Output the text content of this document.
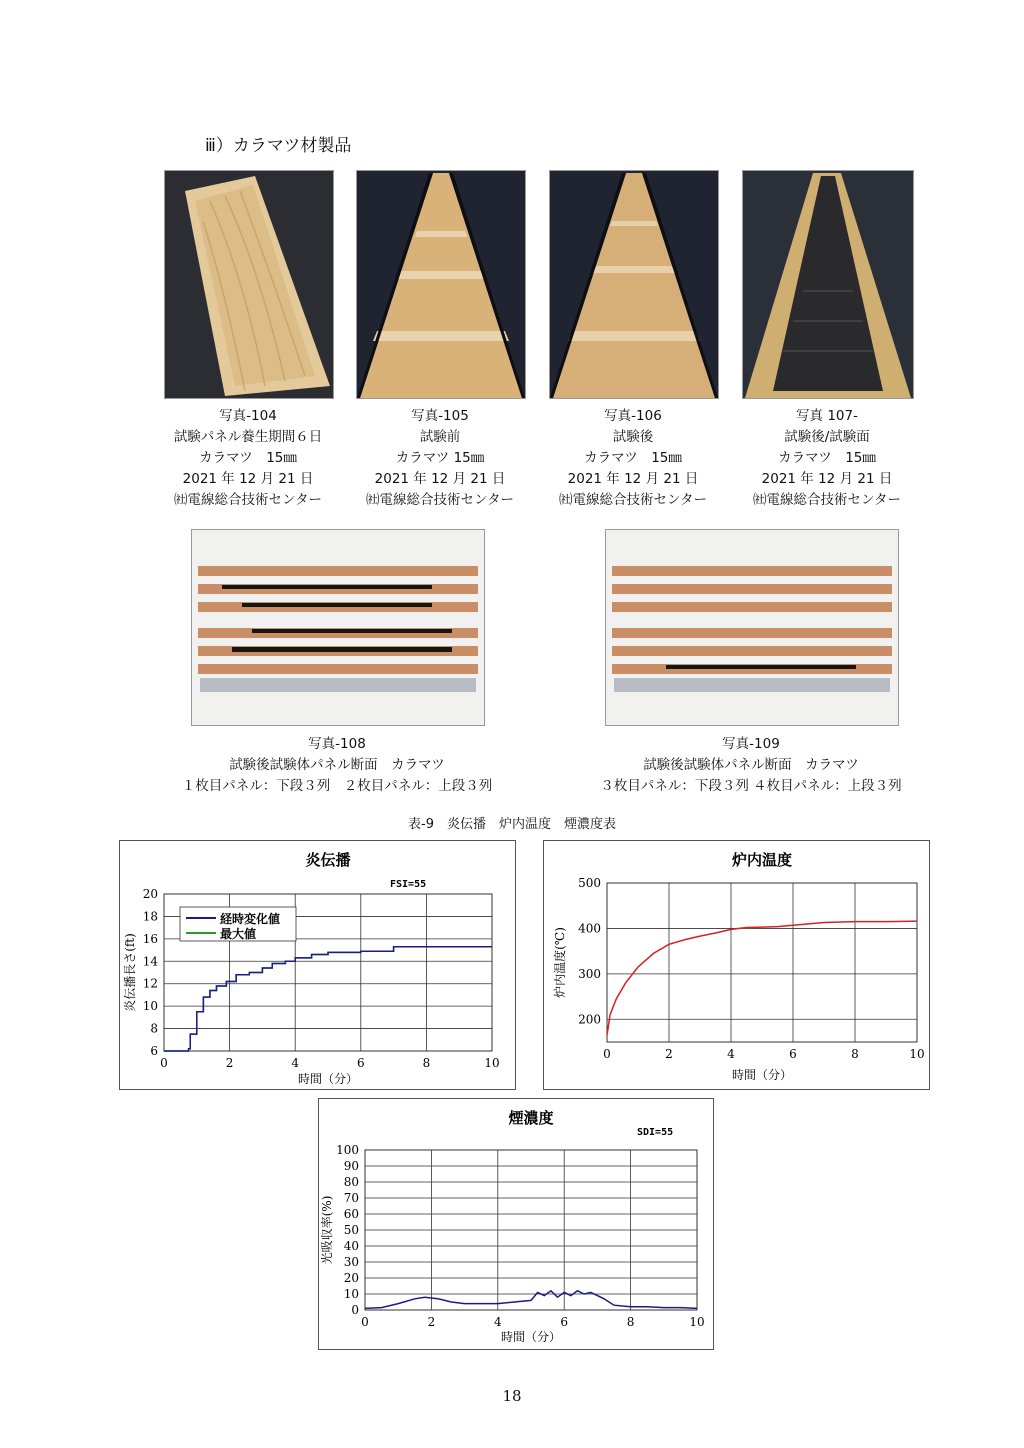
ⅲ）カラマツ材製品
写真-104
試験パネル養生期間６日
カラマツ　15㎜
2021 年 12 月 21 日
㈳電線総合技術センター
写真-105
試験前
カラマツ 15㎜
2021 年 12 月 21 日
㈳電線総合技術センター
写真-106
試験後
カラマツ　15㎜
2021 年 12 月 21 日
㈳電線総合技術センター
写真 107-
試験後/試験面
カラマツ　15㎜
2021 年 12 月 21 日
㈳電線総合技術センター
写真-108
試験後試験体パネル断面　カラマツ
１枚目パネル：下段３列　２枚目パネル：上段３列
写真-109
試験後試験体パネル断面　カラマツ
３枚目パネル：下段３列 ４枚目パネル：上段３列
表-9　炎伝播　炉内温度　煙濃度表
炎伝播
6
8
10
12
14
16
18
20
0	2	4	6	8	10
時間（分）
炎伝播長さ(ft)
FSI=55
経時変化値
最大値
炉内温度
200
300
400
500
0	2	4	6	8	10
時間（分）
炉内温度(℃)
煙濃度
0
10
20
30
40
50
60
70
80
90
100
0	2	4	6	8	10
時間（分）
光吸収率(%)
SDI=55
18
